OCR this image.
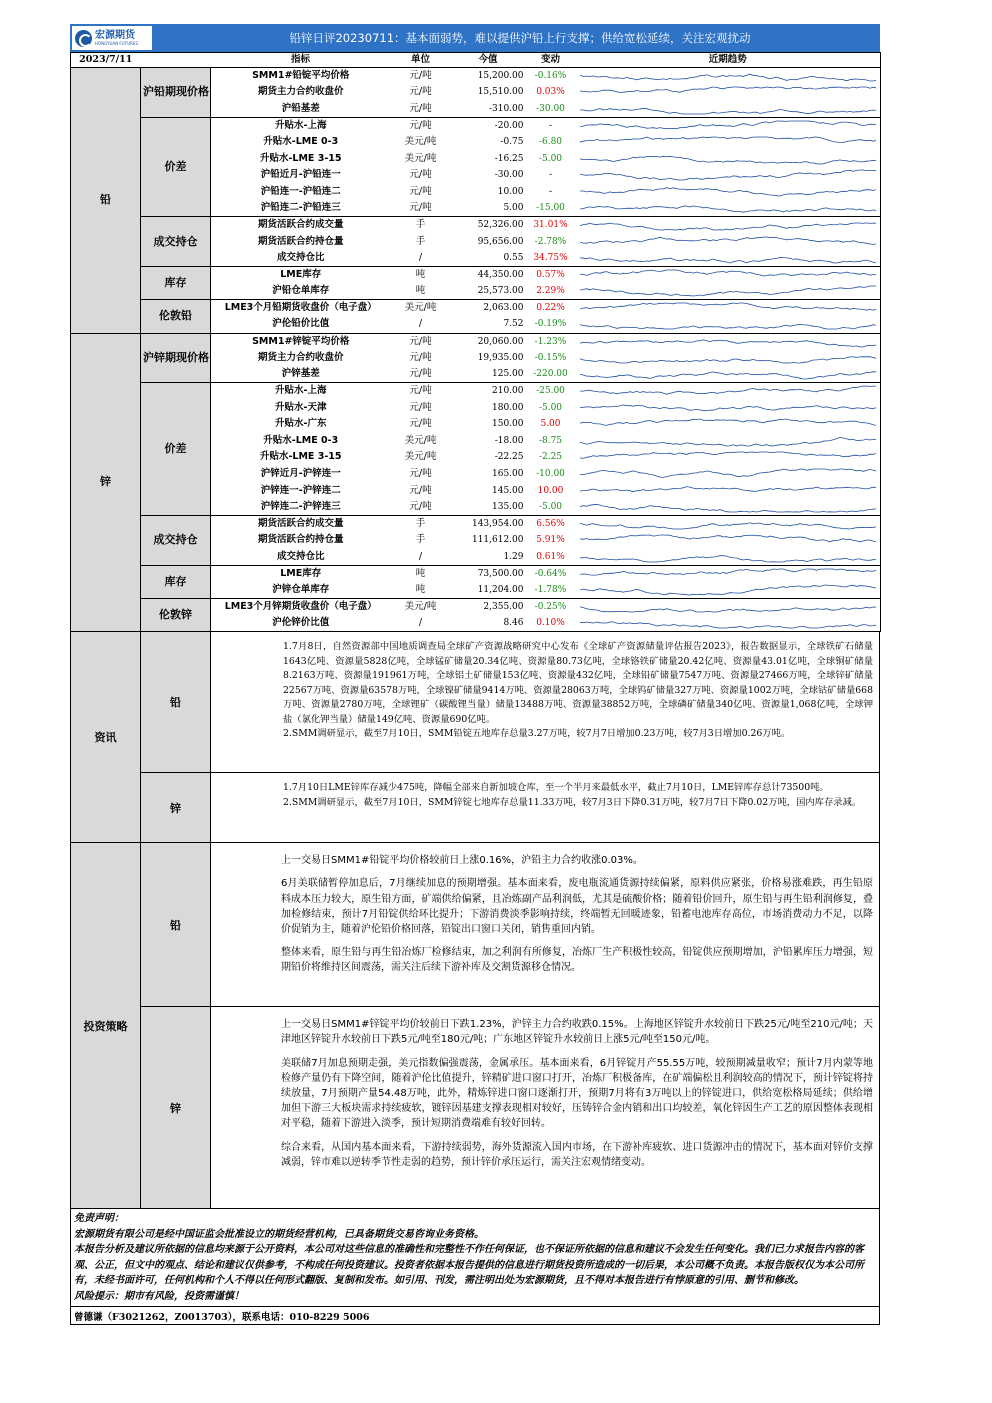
宏源期货
HONGYUAN FUTURES	铅锌日评20230711：基本面弱势，难以提供沪铅上行支撑；供给宽松延续，关注宏观扰动
2023/7/11		指标	单位	今值	变动	近期趋势
铅	沪铅期现价格	SMM1#铅锭平均价格	元/吨	15,200.00	-0.16%	

		期货主力合约收盘价	元/吨	15,510.00	0.03%	

		沪铅基差	元/吨	-310.00	-30.00	

	价差	升贴水-上海	元/吨	-20.00	-	

		升贴水-LME 0-3	美元/吨	-0.75	-6.80	

		升贴水-LME 3-15	美元/吨	-16.25	-5.00	

		沪铅近月-沪铅连一	元/吨	-30.00	-	

		沪铅连一-沪铅连二	元/吨	10.00	-	

		沪铅连二-沪铅连三	元/吨	5.00	-15.00	

	成交持仓	期货活跃合约成交量	手	52,326.00	31.01%	

		期货活跃合约持仓量	手	95,656.00	-2.78%	

		成交持仓比	/	0.55	34.75%	

	库存	LME库存	吨	44,350.00	0.57%	

		沪铅仓单库存	吨	25,573.00	2.29%	

	伦敦铅	LME3个月铅期货收盘价（电子盘）	美元/吨	2,063.00	0.22%	

		沪伦铅价比值	/	7.52	-0.19%	

锌	沪锌期现价格	SMM1#锌锭平均价格	元/吨	20,060.00	-1.23%	

		期货主力合约收盘价	元/吨	19,935.00	-0.15%	

		沪锌基差	元/吨	125.00	-220.00	

	价差	升贴水-上海	元/吨	210.00	-25.00	

		升贴水-天津	元/吨	180.00	-5.00	

		升贴水-广东	元/吨	150.00	5.00	

		升贴水-LME 0-3	美元/吨	-18.00	-8.75	

		升贴水-LME 3-15	美元/吨	-22.25	-2.25	

		沪锌近月-沪锌连一	元/吨	165.00	-10.00	

		沪锌连一-沪锌连二	元/吨	145.00	10.00	

		沪锌连二-沪锌连三	元/吨	135.00	-5.00	

	成交持仓	期货活跃合约成交量	手	143,954.00	6.56%	

		期货活跃合约持仓量	手	111,612.00	5.91%	

		成交持仓比	/	1.29	0.61%	

	库存	LME库存	吨	73,500.00	-0.64%	

		沪锌仓单库存	吨	11,204.00	-1.78%	

	伦敦锌	LME3个月锌期货收盘价（电子盘）	美元/吨	2,355.00	-0.25%	

		沪伦锌价比值	/	8.46	0.10%	
资讯
铅
1.7月8日，自然资源部中国地质调查局全球矿产资源战略研究中心发布《全球矿产资源储量评估报告2023》，报告数据显示，全球铁矿石储量1643亿吨、资源量5828亿吨，全球锰矿储量20.34亿吨、资源量80.73亿吨，全球铬铁矿储量20.42亿吨、资源量43.01亿吨，全球铜矿储量8.2163万吨、资源量191961万吨，全球铝土矿储量153亿吨、资源量432亿吨，全球铅矿储量7547万吨、资源量27466万吨，全球锌矿储量22567万吨、资源量63578万吨，全球镍矿储量9414万吨、资源量28063万吨，全球钨矿储量327万吨、资源量1002万吨，全球钴矿储量668万吨、资源量2780万吨，全球锂矿（碳酸锂当量）储量13488万吨、资源量38852万吨，全球磷矿储量340亿吨、资源量1,068亿吨，全球钾盐（氯化钾当量）储量149亿吨、资源量690亿吨。
2.SMM调研显示，截至7月10日，SMM铅锭五地库存总量3.27万吨，较7月7日增加0.23万吨，较7月3日增加0.26万吨。
锌
1.7月10日LME锌库存减少475吨，降幅全部来自新加坡仓库，至一个半月来最低水平，截止7月10日，LME锌库存总计73500吨。
2.SMM调研显示，截至7月10日，SMM锌锭七地库存总量11.33万吨，较7月3日下降0.31万吨，较7月7日下降0.02万吨，国内库存录减。
投资策略
铅

上一交易日SMM1#铅锭平均价格较前日上涨0.16%，沪铅主力合约收涨0.03%。

6月美联储暂停加息后，7月继续加息的预期增强。基本面来看，废电瓶流通货源持续偏紧，原料供应紧张，价格易涨难跌，再生铅原料成本压力较大，原生铅方面，矿端供给偏紧，且冶炼副产品利润低，尤其是硫酸价格；随着铅价回升，原生铅与再生铅利润修复，叠加检修结束，预计7月铅锭供给环比提升；下游消费淡季影响持续，终端暂无回暖迹象，铅蓄电池库存高位，市场消费动力不足，以降价促销为主，随着沪伦铅价格回落，铅锭出口窗口关闭，销售重回内销。

整体来看，原生铅与再生铅冶炼厂检修结束，加之利润有所修复，冶炼厂生产积极性较高，铅锭供应预期增加，沪铅累库压力增强，短期铅价将维持区间震荡，需关注后续下游补库及交割货源移仓情况。

锌

上一交易日SMM1#锌锭平均价较前日下跌1.23%，沪锌主力合约收跌0.15%。上海地区锌锭升水较前日下跌25元/吨至210元/吨；天津地区锌锭升水较前日下跌5元/吨至180元/吨；广东地区锌锭升水较前日上涨5元/吨至150元/吨。

美联储7月加息预期走强，美元指数偏强震荡，金属承压。基本面来看，6月锌锭月产55.55万吨，较预期减量收窄；预计7月内蒙等地检修产量仍有下降空间，随着沪伦比值提升，锌精矿进口窗口打开，冶炼厂积极备库，在矿端偏松且利润较高的情况下，预计锌锭将持续放量，7月预期产量54.48万吨，此外，精炼锌进口窗口逐渐打开，预期7月将有3万吨以上的锌锭进口，供给宽松格局延续；供给增加但下游三大板块需求持续疲软，镀锌因基建支撑表现相对较好，压铸锌合金内销和出口均较差，氧化锌因生产工艺的原因整体表现相对平稳，随着下游进入淡季，预计短期消费端难有较好回转。

综合来看，从国内基本面来看，下游持续弱势，海外货源流入国内市场，在下游补库疲软、进口货源冲击的情况下，基本面对锌价支撑减弱，锌市难以逆转季节性走弱的趋势，预计锌价承压运行，需关注宏观情绪变动。

免责声明：
宏源期货有限公司是经中国证监会批准设立的期货经营机构，已具备期货交易咨询业务资格。
本报告分析及建议所依据的信息均来源于公开资料，本公司对这些信息的准确性和完整性不作任何保证，也不保证所依据的信息和建议不会发生任何变化。我们已力求报告内容的客观、公正，但文中的观点、结论和建议仅供参考，不构成任何投资建议。投资者依据本报告提供的信息进行期货投资所造成的一切后果，本公司概不负责。本报告版权仅为本公司所有，未经书面许可，任何机构和个人不得以任何形式翻版、复制和发布。如引用、刊发，需注明出处为宏源期货，且不得对本报告进行有悖原意的引用、删节和修改。
风险提示：期市有风险，投资需谨慎！
曾德谦（F3021262，Z0013703），联系电话：010-8229 5006
